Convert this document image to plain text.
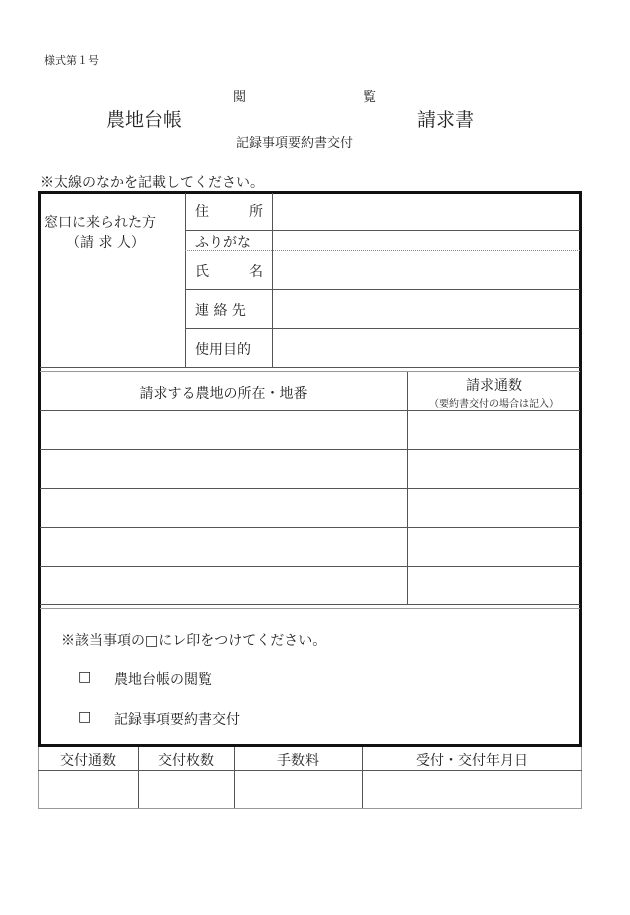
様式第１号
農地台帳
閲　　　　　　　　　覧
記録事項要約書交付
請求書
※太線のなかを記載してください。
窓口に来られた方
（請 求 人）
住	所
ふりがな
氏	名
連 絡 先
使用目的
請求する農地の所在・地番	請求通数
（要約書交付の場合は記入）
※該当事項の□にレ印をつけてください。
□ 農地台帳の閲覧
□ 記録事項要約書交付
交付通数	交付枚数	手数料	受付・交付年月日
